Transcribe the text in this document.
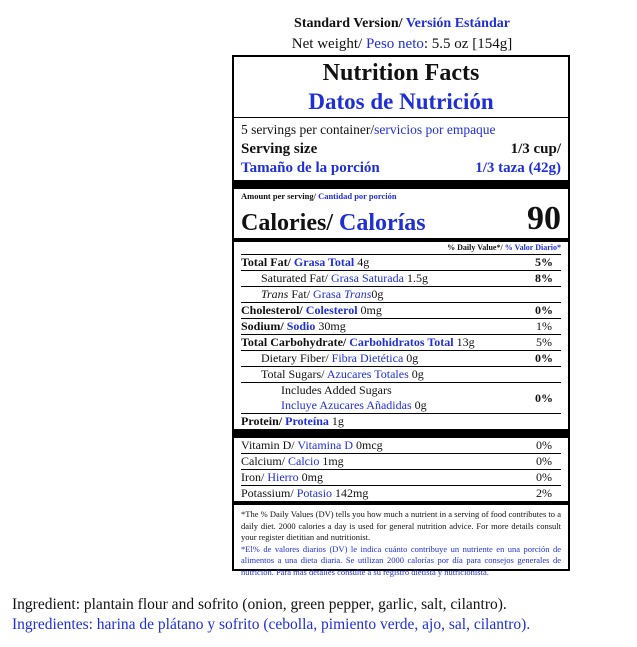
Standard Version/ Versión Estándar
Net weight/ Peso neto: 5.5 oz [154g]
Nutrition Facts
Datos de Nutrición
5 servings per container/servicios por empaque
Serving size	1/3 cup/
Tamaño de la porción	1/3 taza (42g)
Amount per serving/ Cantidad por porción
Calories/ Calorías	90
% Daily Value*/ % Valor Diario*
Total Fat/ Grasa Total 4g	5%
Saturated Fat/ Grasa Saturada 1.5g	8%
Trans Fat/ Grasa Trans0g
Cholesterol/ Colesterol 0mg	0%
Sodium/ Sodio 30mg	1%
Total Carbohydrate/ Carbohidratos Total 13g	5%
Dietary Fiber/ Fibra Dietética 0g	0%
Total Sugars/ Azucares Totales 0g
Includes Added Sugars
Incluye Azucares Añadidas 0g
0%
Protein/ Proteína 1g
Vitamin D/ Vitamina D 0mcg	0%
Calcium/ Calcio 1mg	0%
Iron/ Hierro 0mg	0%
Potassium/ Potasio 142mg	2%
*The % Daily Values (DV) tells you how much a nutrient in a serving of food contributes to a daily diet. 2000 calories a day is used for general nutrition advice. For more details consult your register dietitian and nutritionist.
*El% de valores diarios (DV) le indica cuánto contribuye un nutriente en una porción de alimentos a una dieta diaria. Se utilizan 2000 calorías por día para consejos generales de nutrición. Para más detalles consulte a su registro dietista y nutricionista.
Ingredient: plantain flour and sofrito (onion, green pepper, garlic, salt, cilantro).
Ingredientes: harina de plátano y sofrito (cebolla, pimiento verde, ajo, sal, cilantro).
